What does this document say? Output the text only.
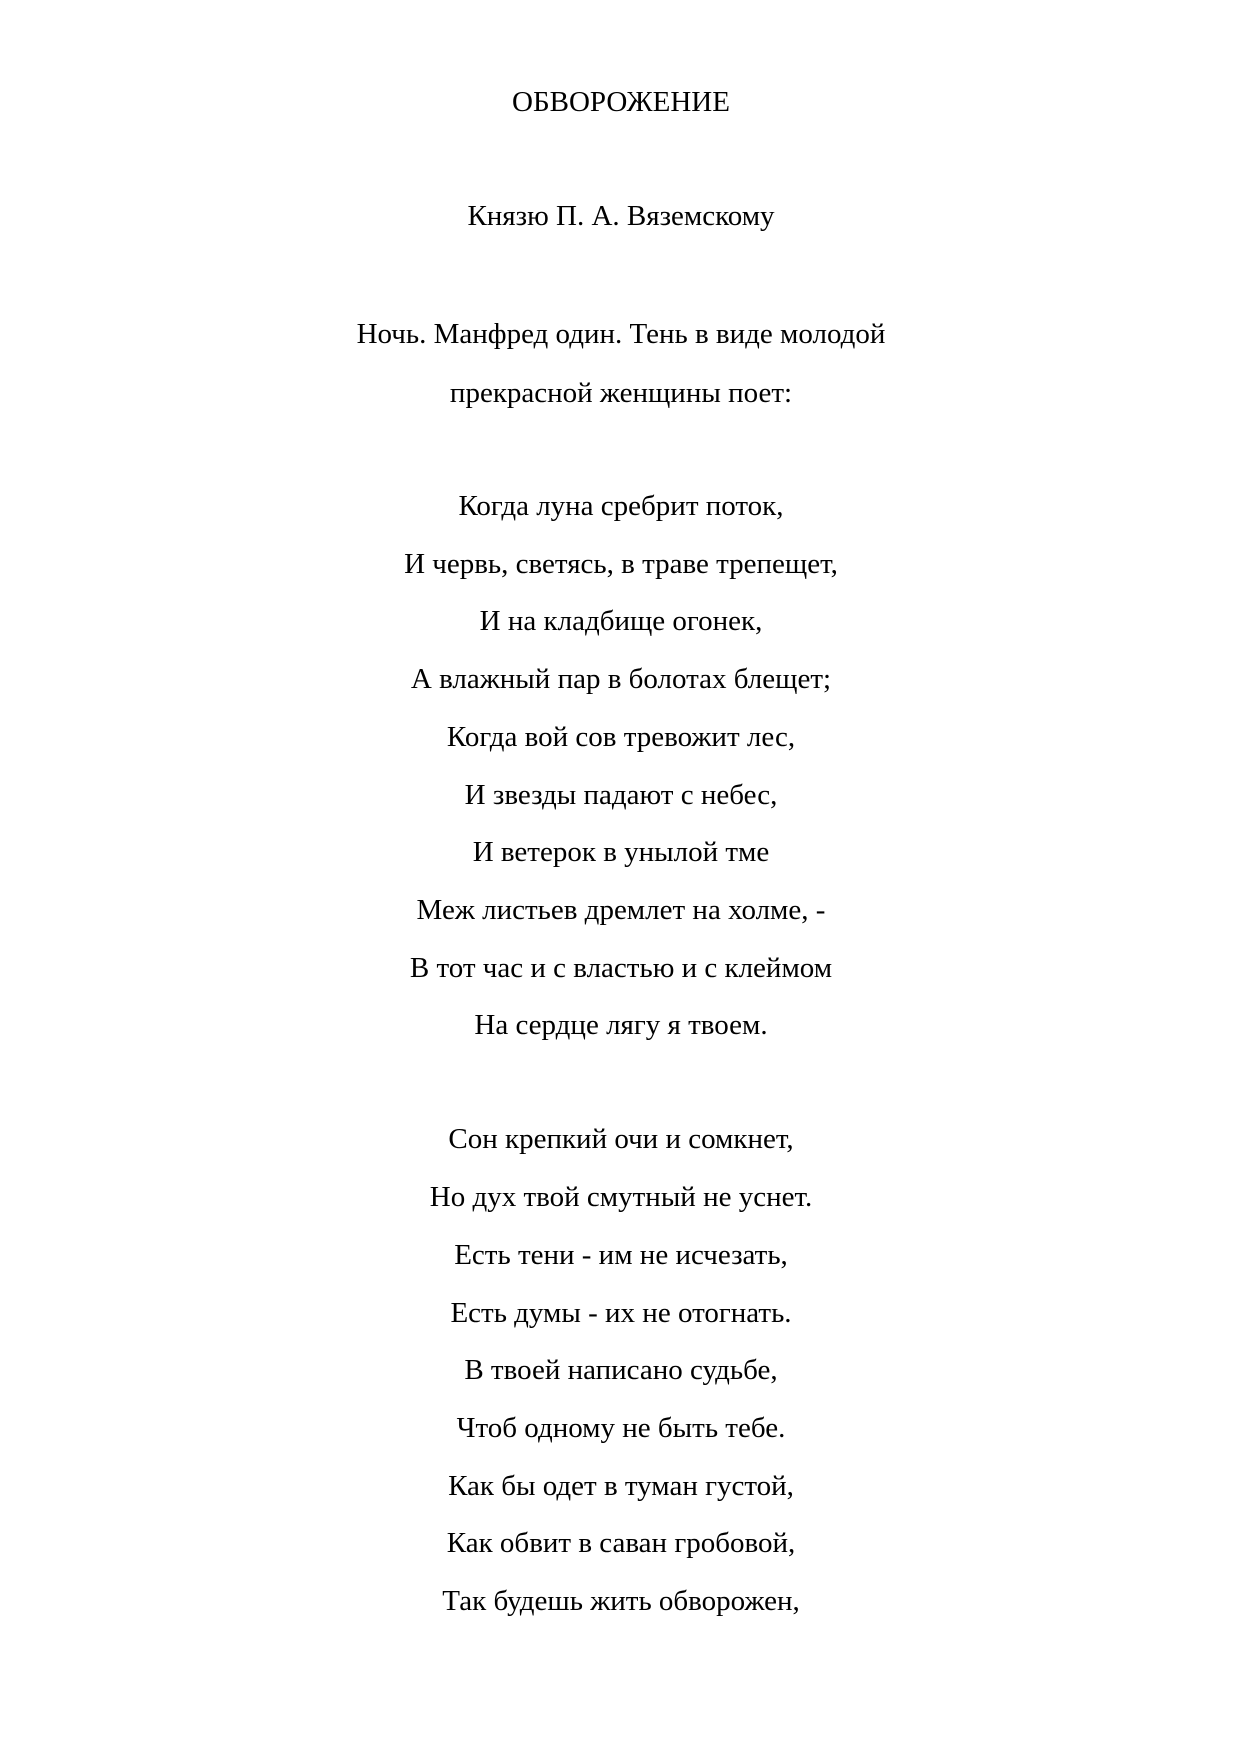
ОБВОРОЖЕНИЕ
Князю П. А. Вяземскому
Ночь. Манфред один. Тень в виде молодой
прекрасной женщины поет:
Когда луна сребрит поток,
И червь, светясь, в траве трепещет,
И на кладбище огонек,
А влажный пар в болотах блещет;
Когда вой сов тревожит лес,
И звезды падают с небес,
И ветерок в унылой тме
Меж листьев дремлет на холме, -
В тот час и с властью и с клеймом
На сердце лягу я твоем.
Сон крепкий очи и сомкнет,
Но дух твой смутный не уснет.
Есть тени - им не исчезать,
Есть думы - их не отогнать.
В твоей написано судьбе,
Чтоб одному не быть тебе.
Как бы одет в туман густой,
Как обвит в саван гробовой,
Так будешь жить обворожен,
